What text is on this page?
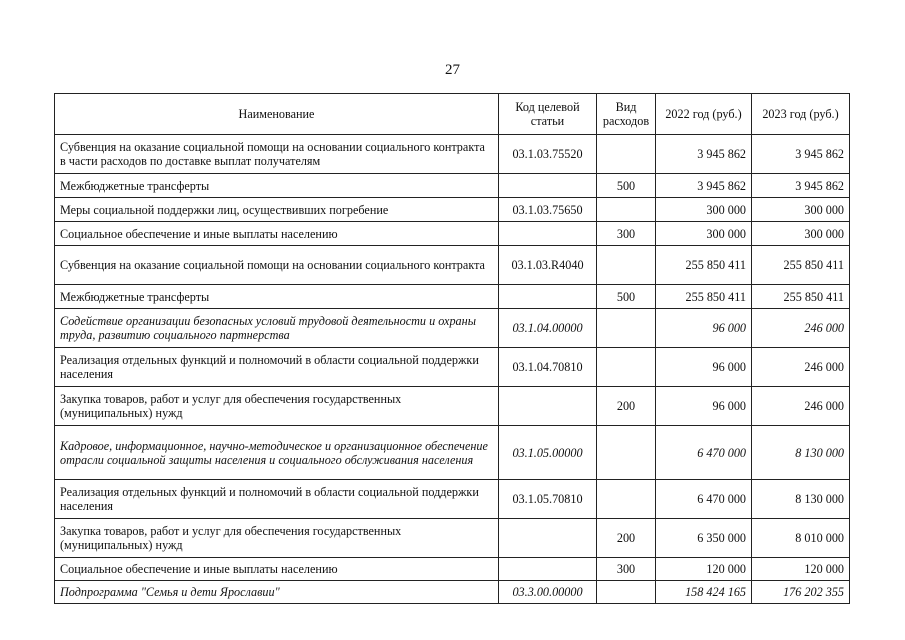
27
Наименование	Код целевой статьи	Вид расходов	2022 год (руб.)	2023 год (руб.)
Субвенция на оказание социальной помощи на основании социального контракта в части расходов по доставке выплат получателям	03.1.03.75520		3 945 862	3 945 862
Межбюджетные трансферты		500	3 945 862	3 945 862
Меры социальной поддержки лиц, осуществивших погребение	03.1.03.75650		300 000	300 000
Социальное обеспечение и иные выплаты населению		300	300 000	300 000
Субвенция на оказание социальной помощи на основании социального контракта	03.1.03.R4040		255 850 411	255 850 411
Межбюджетные трансферты		500	255 850 411	255 850 411
Содействие организации безопасных условий трудовой деятельности и охраны труда, развитию социального партнерства	03.1.04.00000		96 000	246 000
Реализация отдельных функций и полномочий в области социальной поддержки населения	03.1.04.70810		96 000	246 000
Закупка товаров, работ и услуг для обеспечения государственных (муниципальных) нужд		200	96 000	246 000
Кадровое, информационное, научно-методическое и организационное обеспечение отрасли социальной защиты населения и социального обслуживания населения	03.1.05.00000		6 470 000	8 130 000
Реализация отдельных функций и полномочий в области социальной поддержки населения	03.1.05.70810		6 470 000	8 130 000
Закупка товаров, работ и услуг для обеспечения государственных (муниципальных) нужд		200	6 350 000	8 010 000
Социальное обеспечение и иные выплаты населению		300	120 000	120 000
Подпрограмма "Семья и дети Ярославии"	03.3.00.00000		158 424 165	176 202 355
